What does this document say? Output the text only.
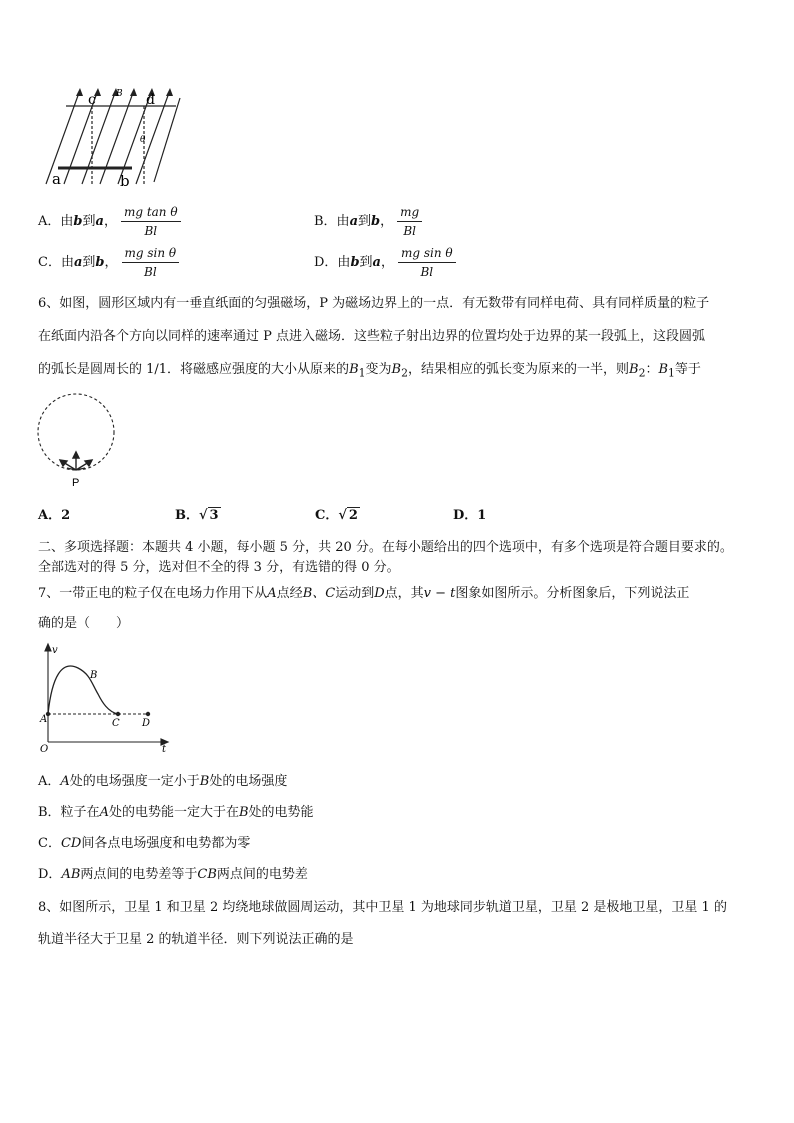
c B d
θ
a	b
A．由b到a， $\frac{\text{mg tan θ}}{Bl}$	B．由a到b， $\frac{mg}{Bl}$
C．由a到b， $\frac{\text{mg sin θ}}{Bl}$	D．由b到a， $\frac{\text{mg sin θ}}{Bl}$
6、如图，圆形区域内有一垂直纸面的匀强磁场，P 为磁场边界上的一点．有无数带有同样电荷、具有同样质量的粒子
在纸面内沿各个方向以同样的速率通过 P 点进入磁场．这些粒子射出边界的位置均处于边界的某一段弧上，这段圆弧
的弧长是圆周长的 1/1．将磁感应强度的大小从原来的$B_1$变为$B_2$，结果相应的弧长变为原来的一半，则$B_2$：$B_1$等于
P
A．2	B．√ 3	C．√ 2	D．1
二、多项选择题：本题共 4 小题，每小题 5 分，共 20 分。在每小题给出的四个选项中，有多个选项是符合题目要求的。
全部选对的得 5 分，选对但不全的得 3 分，有选错的得 0 分。
7、一带正电的粒子仅在电场力作用下从A点经B、C运动到D点，其v − t图象如图所示。分析图象后，下列说法正
确的是（　　）
v
t
O
A
B
C D
A．A处的电场强度一定小于B处的电场强度
B．粒子在A处的电势能一定大于在B处的电势能
C．CD间各点电场强度和电势都为零
D．AB两点间的电势差等于CB两点间的电势差
8、如图所示，卫星 1 和卫星 2 均绕地球做圆周运动，其中卫星 1 为地球同步轨道卫星，卫星 2 是极地卫星，卫星 1 的
轨道半径大于卫星 2 的轨道半径．则下列说法正确的是
